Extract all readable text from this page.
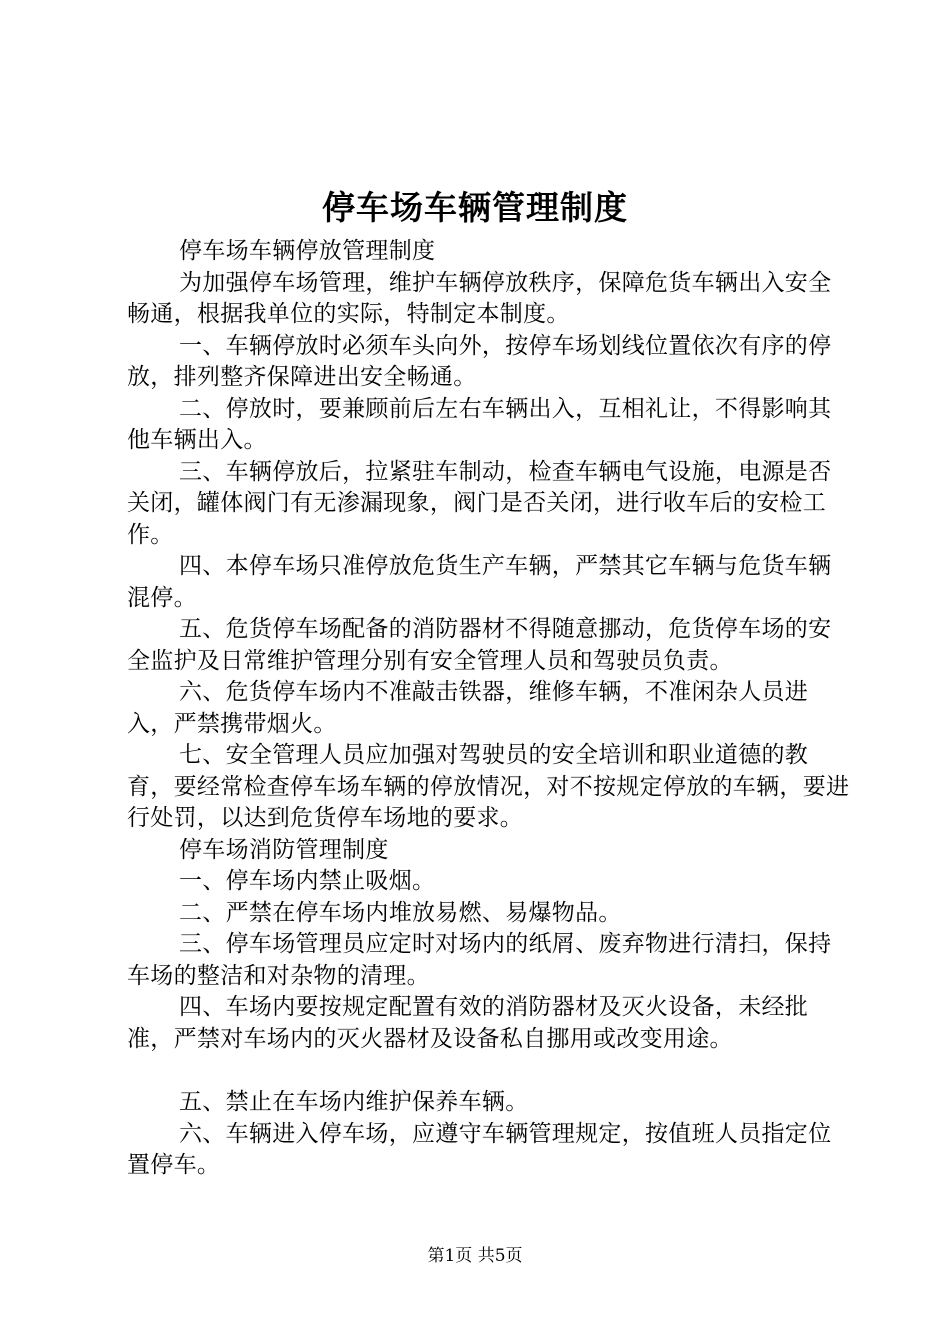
停车场车辆管理制度

停车场车辆停放管理制度

为加强停车场管理，维护车辆停放秩序，保障危货车辆出入安全畅通，根据我单位的实际，特制定本制度。

一、车辆停放时必须车头向外，按停车场划线位置依次有序的停放，排列整齐保障进出安全畅通。

二、停放时，要兼顾前后左右车辆出入，互相礼让，不得影响其他车辆出入。

三、车辆停放后，拉紧驻车制动，检查车辆电气设施，电源是否关闭，罐体阀门有无渗漏现象，阀门是否关闭，进行收车后的安检工作。

四、本停车场只准停放危货生产车辆，严禁其它车辆与危货车辆混停。

五、危货停车场配备的消防器材不得随意挪动，危货停车场的安全监护及日常维护管理分别有安全管理人员和驾驶员负责。

六、危货停车场内不准敲击铁器，维修车辆，不准闲杂人员进入，严禁携带烟火。

七、安全管理人员应加强对驾驶员的安全培训和职业道德的教育，要经常检查停车场车辆的停放情况，对不按规定停放的车辆，要进行处罚，以达到危货停车场地的要求。

停车场消防管理制度

一、停车场内禁止吸烟。

二、严禁在停车场内堆放易燃、易爆物品。

三、停车场管理员应定时对场内的纸屑、废弃物进行清扫，保持车场的整洁和对杂物的清理。

四、车场内要按规定配置有效的消防器材及灭火设备，未经批准，严禁对车场内的灭火器材及设备私自挪用或改变用途。

五、禁止在车场内维护保养车辆。

六、车辆进入停车场，应遵守车辆管理规定，按值班人员指定位置停车。

第1页 共5页
